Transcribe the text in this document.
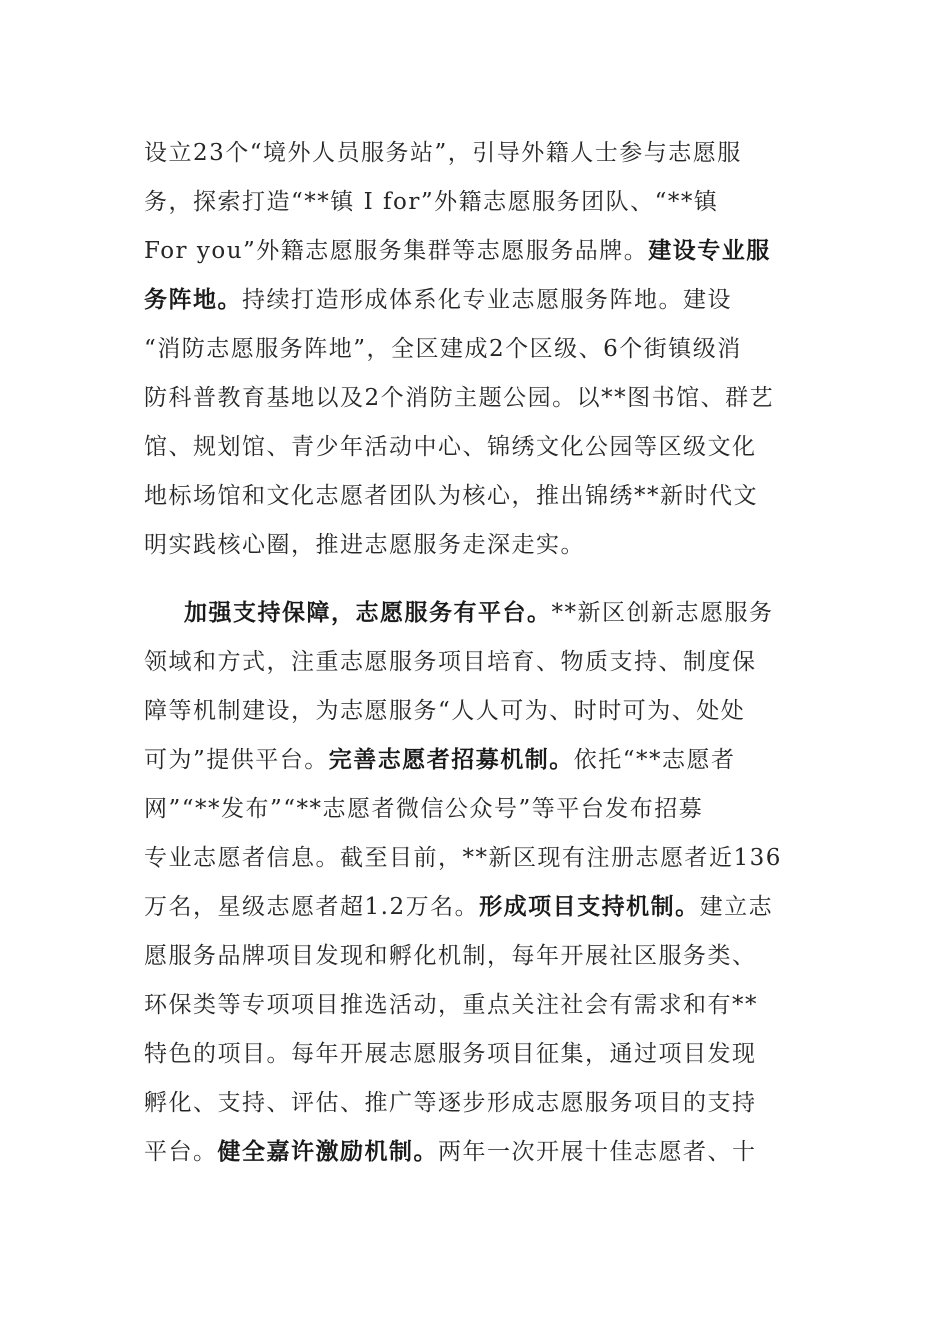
设立23个“境外人员服务站”，引导外籍人士参与志愿服
务，探索打造“**镇 I for”外籍志愿服务团队、“**镇
For you”外籍志愿服务集群等志愿服务品牌。建设专业服
务阵地。持续打造形成体系化专业志愿服务阵地。建设
“消防志愿服务阵地”，全区建成2个区级、6个街镇级消
防科普教育基地以及2个消防主题公园。以**图书馆、群艺
馆、规划馆、青少年活动中心、锦绣文化公园等区级文化
地标场馆和文化志愿者团队为核心，推出锦绣**新时代文
明实践核心圈，推进志愿服务走深走实。
加强支持保障，志愿服务有平台。**新区创新志愿服务
领域和方式，注重志愿服务项目培育、物质支持、制度保
障等机制建设，为志愿服务“人人可为、时时可为、处处
可为”提供平台。完善志愿者招募机制。依托“**志愿者
网”“**发布”“**志愿者微信公众号”等平台发布招募
专业志愿者信息。截至目前，**新区现有注册志愿者近136
万名，星级志愿者超1.2万名。形成项目支持机制。建立志
愿服务品牌项目发现和孵化机制，每年开展社区服务类、
环保类等专项项目推选活动，重点关注社会有需求和有**
特色的项目。每年开展志愿服务项目征集，通过项目发现
孵化、支持、评估、推广等逐步形成志愿服务项目的支持
平台。健全嘉许激励机制。两年一次开展十佳志愿者、十
